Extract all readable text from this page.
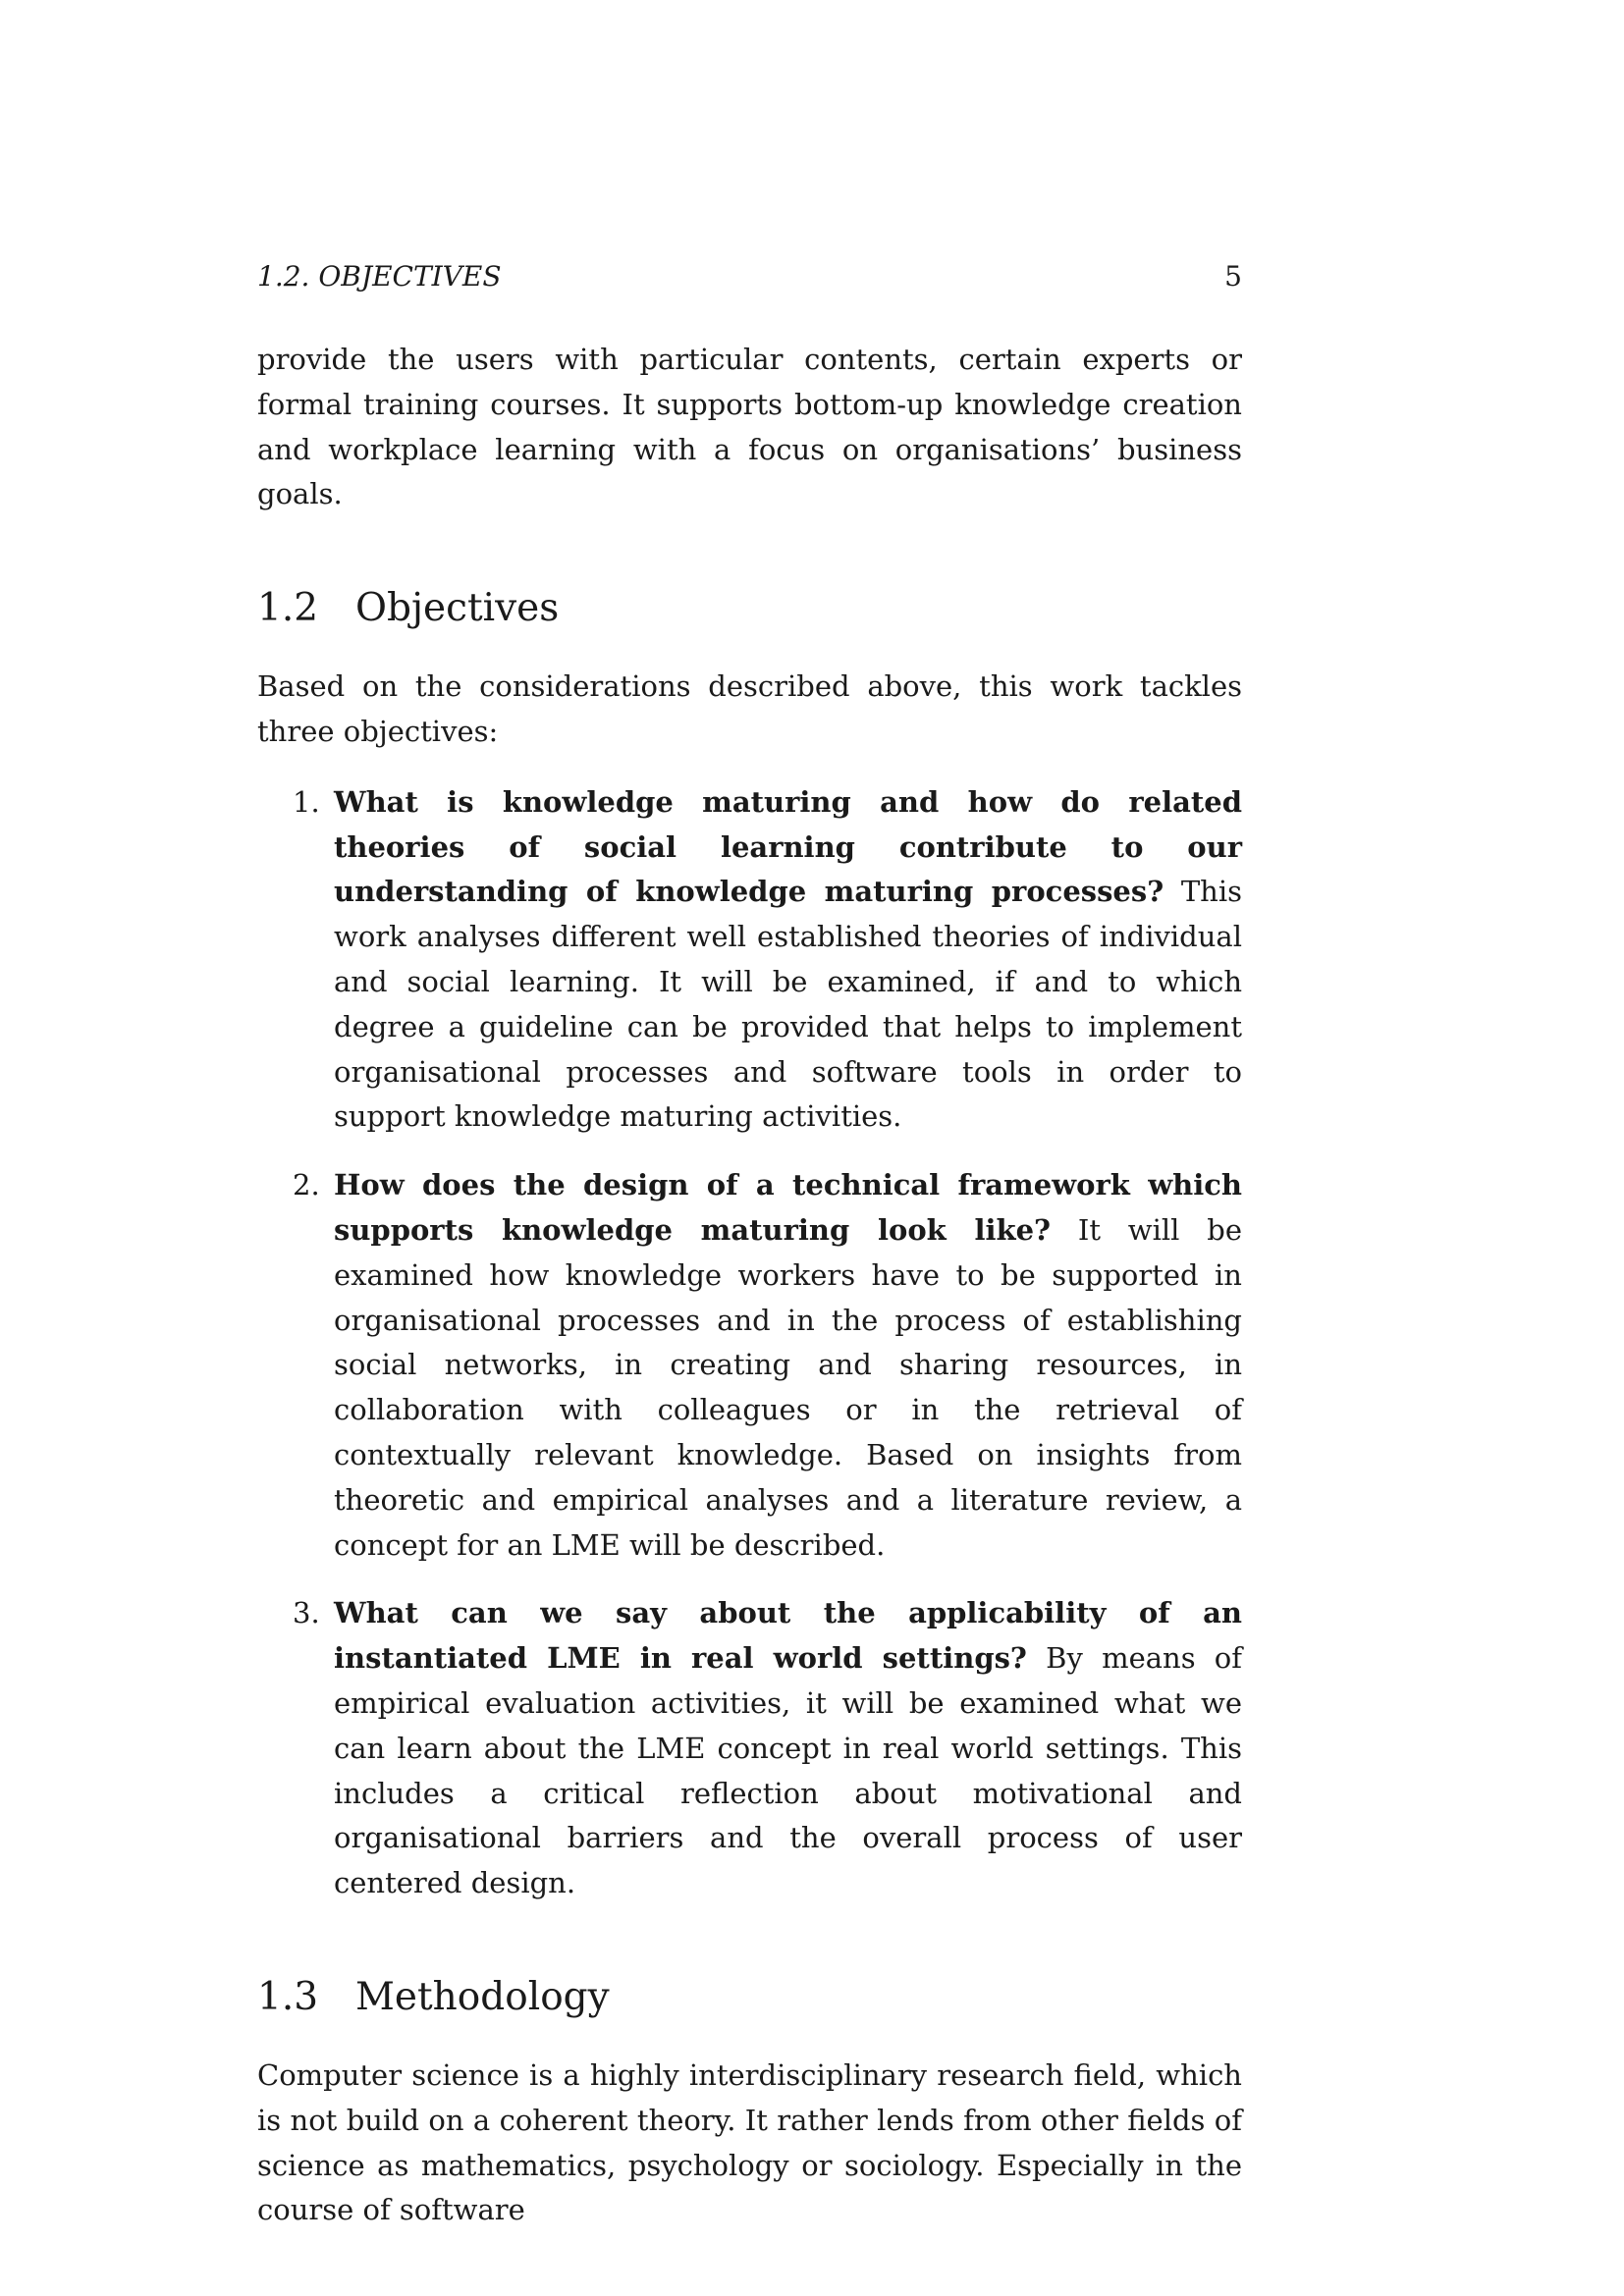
1.2. OBJECTIVES	5

provide the users with particular contents, certain experts or formal training courses. It supports bottom-up knowledge creation and workplace learning with a focus on organisations’ business goals.

1.2 Objectives

Based on the considerations described above, this work tackles three objectives:

1. What is knowledge maturing and how do related theories of social learning contribute to our understanding of knowledge maturing processes? This work analyses different well established theories of individual and social learning. It will be examined, if and to which degree a guideline can be provided that helps to implement organisational processes and software tools in order to support knowledge maturing activities.

2. How does the design of a technical framework which supports knowledge maturing look like? It will be examined how knowledge workers have to be supported in organisational processes and in the process of establishing social networks, in creating and sharing resources, in collaboration with colleagues or in the retrieval of contextually relevant knowledge. Based on insights from theoretic and empirical analyses and a literature review, a concept for an LME will be described.

3. What can we say about the applicability of an instantiated LME in real world settings? By means of empirical evaluation activities, it will be examined what we can learn about the LME concept in real world settings. This includes a critical reflection about motivational and organisational barriers and the overall process of user centered design.

1.3 Methodology

Computer science is a highly interdisciplinary research field, which is not build on a coherent theory. It rather lends from other fields of science as mathematics, psychology or sociology. Especially in the course of software
